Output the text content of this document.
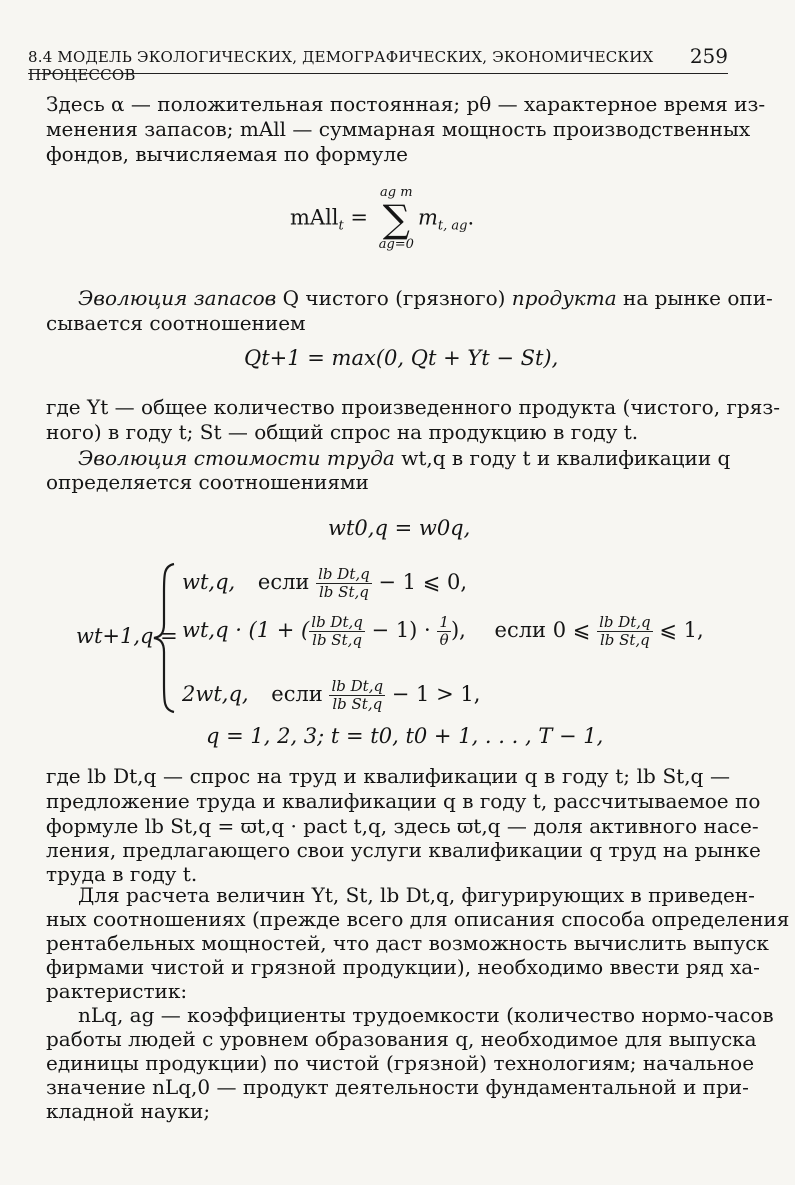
8.4 МОДЕЛЬ ЭКОЛОГИЧЕСКИХ, ДЕМОГРАФИЧЕСКИХ, ЭКОНОМИЧЕСКИХ ПРОЦЕССОВ
259
Здесь α — положительная постоянная; pθ — характерное время из-
менения запасов; mAll — суммарная мощность производственных
фондов, вычисляемая по формуле
mAll$_t$ =
ag m
∑
ag=0
$m_{t, ag}$.
Эволюция запасов Q чистого (грязного) продукта на рынке опи-
сывается соотношением
Qt+1 = max(0, Qt + Yt − St),
где Yt — общее количество произведенного продукта (чистого, гряз-
ного) в году t; St — общий спрос на продукцию в году t.
Эволюция стоимости труда wt,q в году t и квалификации q
определяется соотношениями
wt0,q = w0q,
wt+1,q =
wt,q, если $\frac{\text{lb Dt,q}}{\text{lb St,q}} - 1$ ⩽ 0,
wt,q · (1 + ( $\frac{\text{lb Dt,q}}{\text{lb St,q}} - 1) \cdot \frac{1}{\theta}$ ), если 0 ⩽ $\frac{\text{lb Dt,q}}{\text{lb St,q}}$ ⩽ 1,
2wt,q, если $\frac{\text{lb Dt,q}}{\text{lb St,q}} - 1 > 1$,
q = 1, 2, 3; t = t0, t0 + 1, . . . , T − 1,
где lb Dt,q — спрос на труд и квалификации q в году t; lb St,q —
предложение труда и квалификации q в году t, рассчитываемое по
формуле lb St,q = ϖt,q · pact t,q, здесь ϖt,q — доля активного насе-
ления, предлагающего свои услуги квалификации q труд на рынке
труда в году t.
Для расчета величин Yt, St, lb Dt,q, фигурирующих в приведен-
ных соотношениях (прежде всего для описания способа определения
рентабельных мощностей, что даст возможность вычислить выпуск
фирмами чистой и грязной продукции), необходимо ввести ряд ха-
рактеристик:
nLq, ag — коэффициенты трудоемкости (количество нормо-часов
работы людей с уровнем образования q, необходимое для выпуска
единицы продукции) по чистой (грязной) технологиям; начальное
значение nLq,0 — продукт деятельности фундаментальной и при-
кладной науки;
